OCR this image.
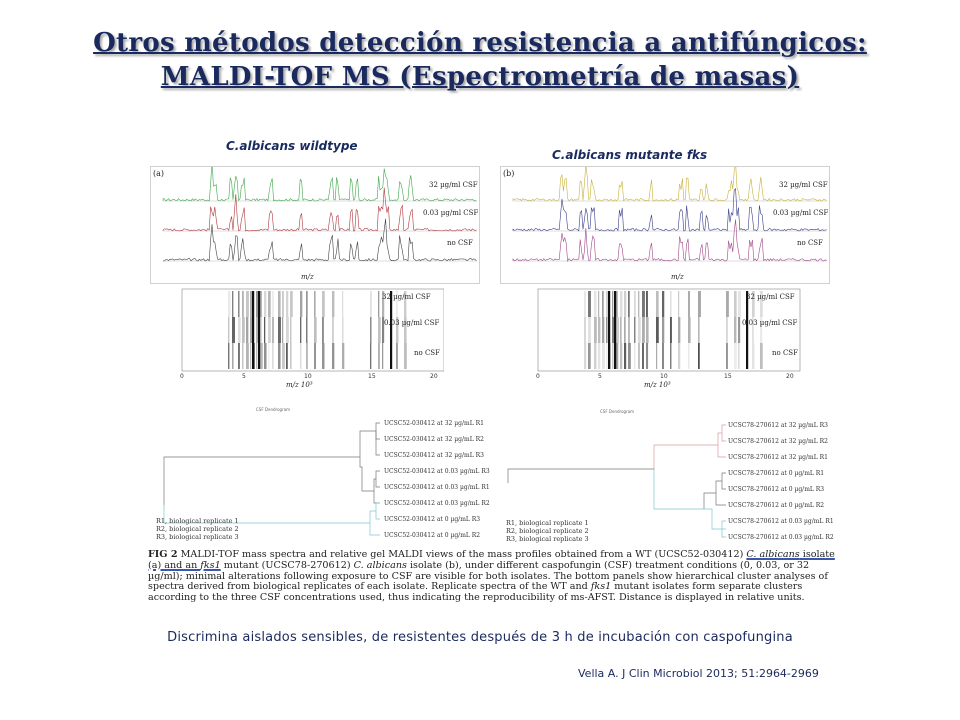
Otros métodos detección resistencia a antifúngicos:
MALDI-TOF MS (Espectrometría de masas)
C.albicans wildtype
C.albicans mutante fks
(a)
32 µg/ml CSF
0.03 µg/ml CSF
no CSF
m/z
(b)
32 µg/ml CSF
0.03 µg/ml CSF
no CSF
m/z
32 µg/ml CSF
0.03 µg/ml CSF
no CSF
0	5	10	15	20
m/z 10³
32 µg/ml CSF
0.03 µg/ml CSF
no CSF
0	5	10	15	20
m/z 10³
CSF Dendrogram
UCSC52-030412 at 32 µg/mL R1
UCSC52-030412 at 32 µg/mL R2
UCSC52-030412 at 32 µg/mL R3
UCSC52-030412 at 0.03 µg/mL R3
UCSC52-030412 at 0.03 µg/mL R1
UCSC52-030412 at 0.03 µg/mL R2
UCSC52-030412 at 0 µg/mL R3
UCSC52-030412 at 0 µg/mL R2
R1, biological replicate 1
R2, biological replicate 2
R3, biological replicate 3
CSF Dendrogram
UCSC78-270612 at 32 µg/mL R3
UCSC78-270612 at 32 µg/mL R2
UCSC78-270612 at 32 µg/mL R1
UCSC78-270612 at 0 µg/mL R1
UCSC78-270612 at 0 µg/mL R3
UCSC78-270612 at 0 µg/mL R2
UCSC78-270612 at 0.03 µg/mL R1
UCSC78-270612 at 0.03 µg/mL R2
R1, biological replicate 1
R2, biological replicate 2
R3, biological replicate 3
FIG 2 MALDI-TOF mass spectra and relative gel MALDI views of the mass profiles obtained from a WT (UCSC52-030412) C. albicans isolate (a) and an fks1 mutant (UCSC78-270612) C. albicans isolate (b), under different caspofungin (CSF) treatment conditions (0, 0.03, or 32 µg/ml); minimal alterations following exposure to CSF are visible for both isolates. The bottom panels show hierarchical cluster analyses of spectra derived from biological replicates of each isolate. Replicate spectra of the WT and fks1 mutant isolates form separate clusters according to the three CSF concentrations used, thus indicating the reproducibility of ms-AFST. Distance is displayed in relative units.
Discrimina aislados sensibles, de resistentes después de 3 h de incubación con caspofungina
Vella A. J Clin Microbiol 2013; 51:2964-2969
